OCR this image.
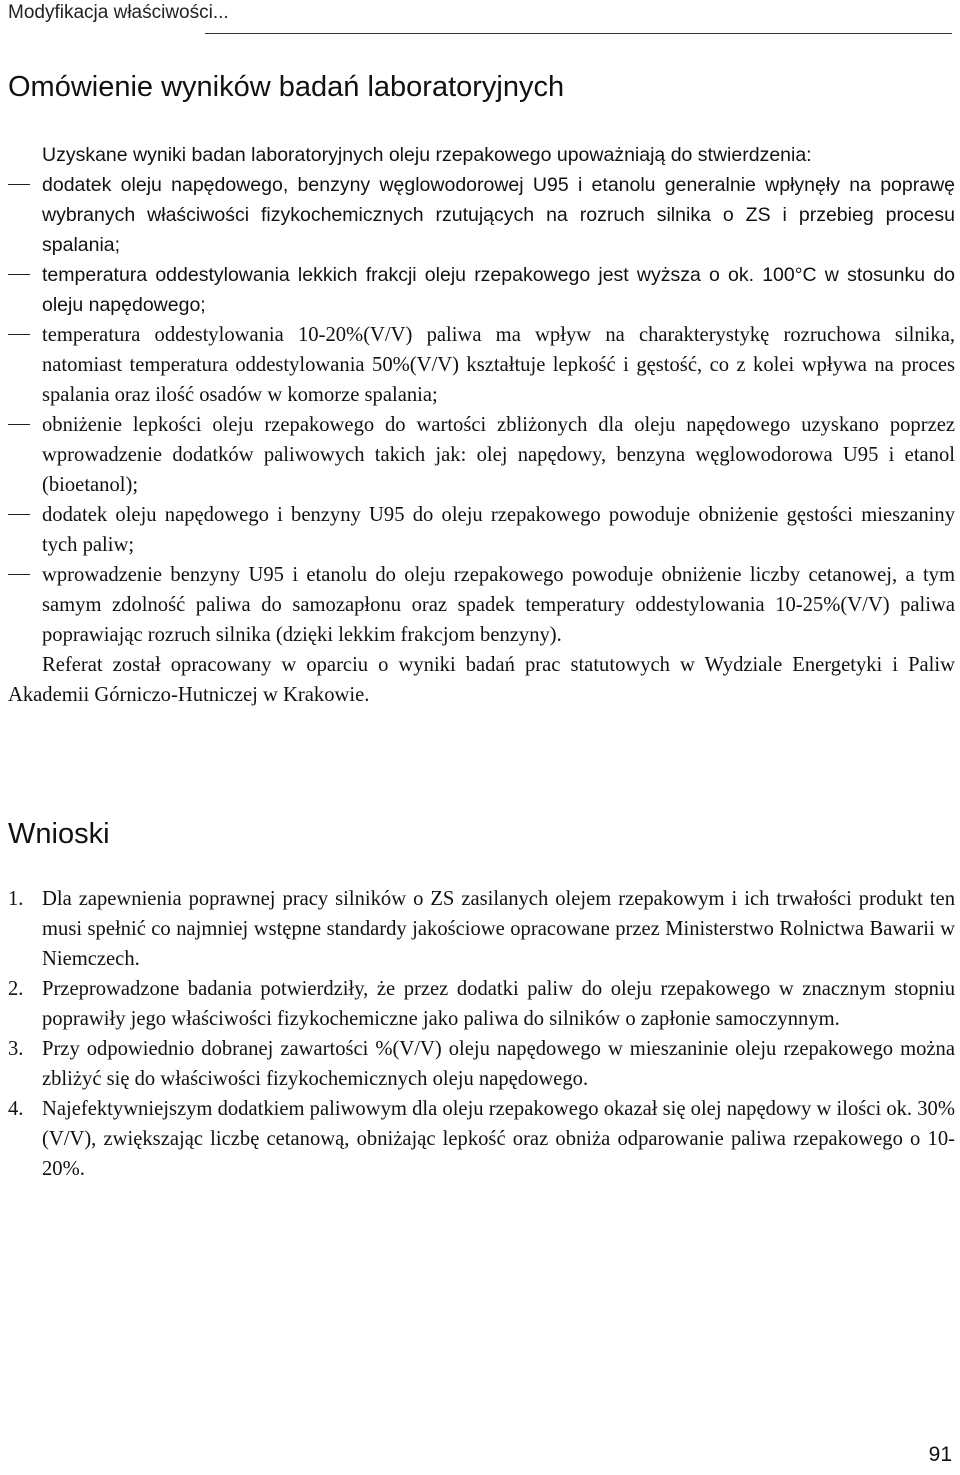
Modyfikacja właściwości...
Omówienie wyników badań laboratoryjnych

Uzyskane wyniki badan laboratoryjnych oleju rzepakowego upoważniają do stwierdzenia:

dodatek oleju napędowego, benzyny węglowodorowej U95 i etanolu generalnie wpłynęły na poprawę wybranych właściwości fizykochemicznych rzutujących na rozruch silnika o ZS i przebieg procesu spalania;
temperatura oddestylowania lekkich frakcji oleju rzepakowego jest wyższa o ok. 100°C w stosunku do oleju napędowego;
temperatura oddestylowania 10-20%(V/V) paliwa ma wpływ na charakterystykę rozruchowa silnika, natomiast temperatura oddestylowania 50%(V/V) kształtuje lepkość i gęstość, co z kolei wpływa na proces spalania oraz ilość osadów w komorze spalania;
obniżenie lepkości oleju rzepakowego do wartości zbliżonych dla oleju napędowego uzyskano poprzez wprowadzenie dodatków paliwowych takich jak: olej napędowy, benzyna węglowodorowa U95 i etanol (bioetanol);
dodatek oleju napędowego i benzyny U95 do oleju rzepakowego powoduje obniżenie gęstości mieszaniny tych paliw;
wprowadzenie benzyny U95 i etanolu do oleju rzepakowego powoduje obniżenie liczby cetanowej, a tym samym zdolność paliwa do samozapłonu oraz spadek temperatury oddestylowania 10-25%(V/V) paliwa poprawiając rozruch silnika (dzięki lekkim frakcjom benzyny).

Referat został opracowany w oparciu o wyniki badań prac statutowych w Wydziale Energetyki i Paliw Akademii Górniczo-Hutniczej w Krakowie.

Wnioski
1. Dla zapewnienia poprawnej pracy silników o ZS zasilanych olejem rzepakowym i ich trwałości produkt ten musi spełnić co najmniej wstępne standardy jakościowe opracowane przez Ministerstwo Rolnictwa Bawarii w Niemczech.
2. Przeprowadzone badania potwierdziły, że przez dodatki paliw do oleju rzepakowego w znacznym stopniu poprawiły jego właściwości fizykochemiczne jako paliwa do silników o zapłonie samoczynnym.
3. Przy odpowiednio dobranej zawartości %(V/V) oleju napędowego w mieszaninie oleju rzepakowego można zbliżyć się do właściwości fizykochemicznych oleju napędowego.
4. Najefektywniejszym dodatkiem paliwowym dla oleju rzepakowego okazał się olej napędowy w ilości ok. 30%(V/V), zwiększając liczbę cetanową, obniżając lepkość oraz obniża odparowanie paliwa rzepakowego o 10-20%.
91
